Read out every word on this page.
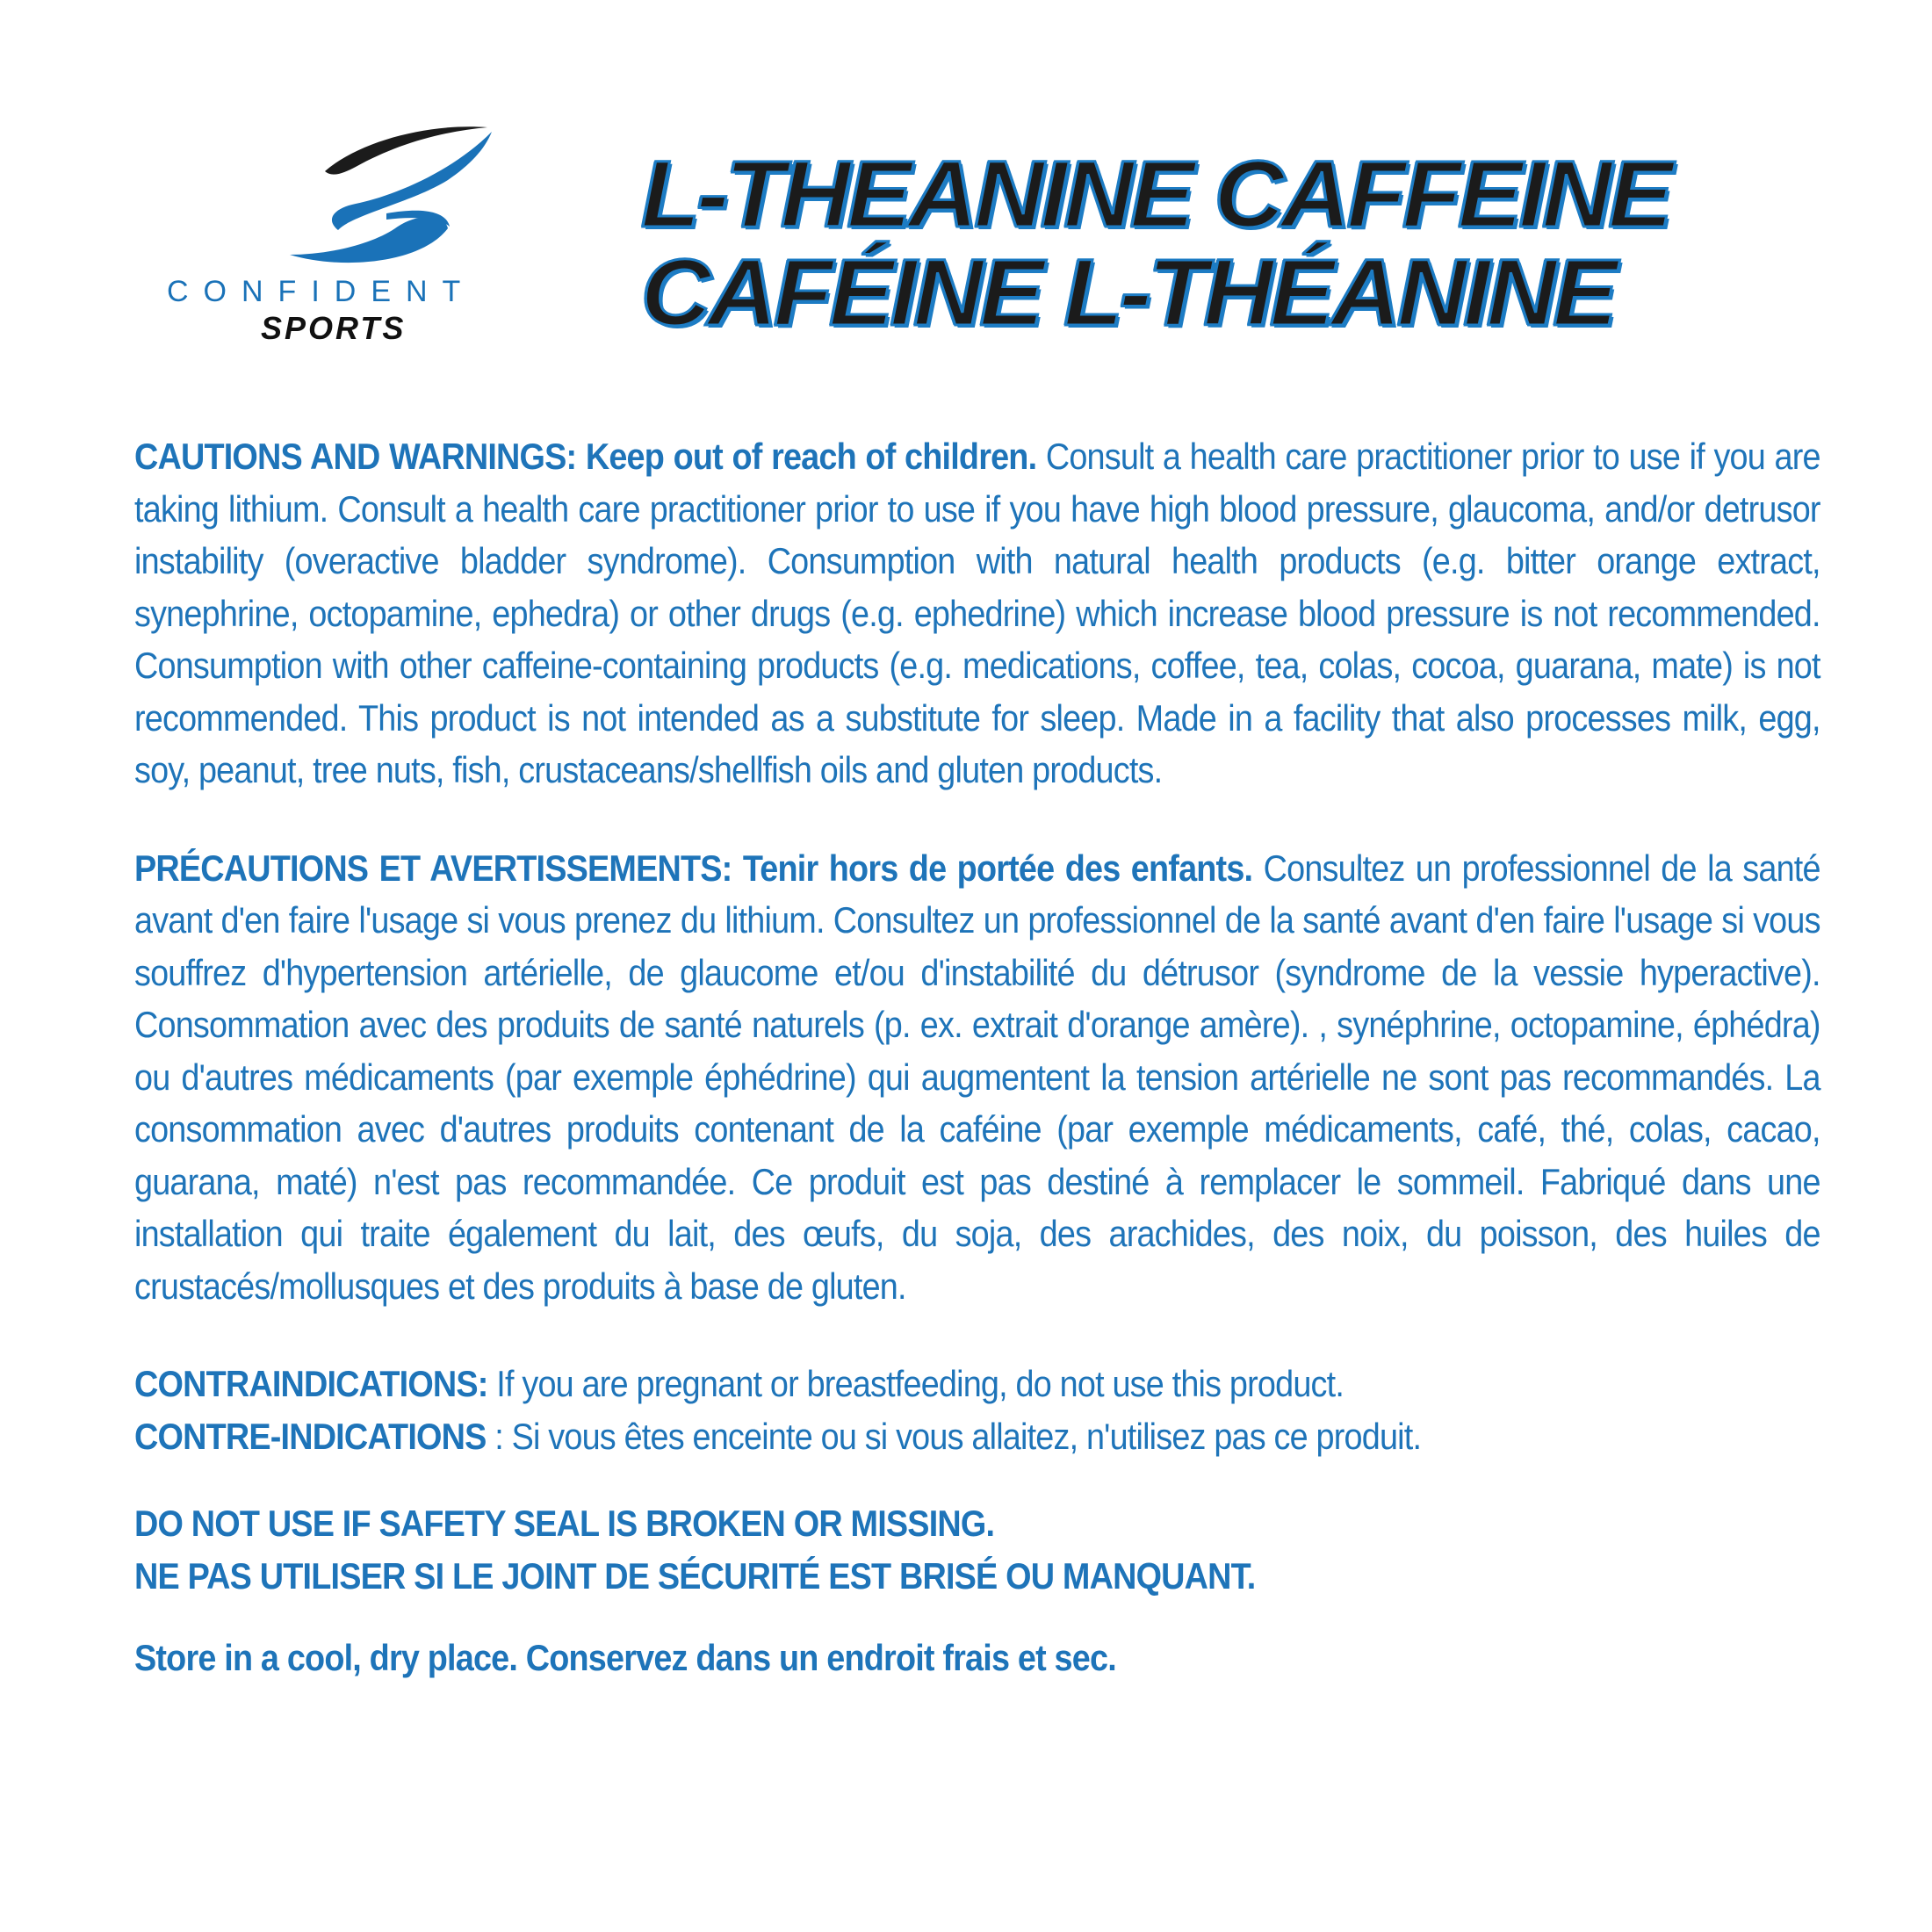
CONFIDENT
SPORTS
L-THEANINE CAFFEINE
CAFÉINE L-THÉANINE

CAUTIONS AND WARNINGS: Keep out of reach of children. Consult a health care practitioner prior to use if you are taking lithium. Consult a health care practitioner prior to use if you have high blood pressure, glaucoma, and/or detrusor instability (overactive bladder syndrome). Consumption with natural health products (e.g. bitter orange extract, synephrine, octopamine, ephedra) or other drugs (e.g. ephedrine) which increase blood pressure is not recommended. Consumption with other caffeine-containing products (e.g. medications, coffee, tea, colas, cocoa, guarana, mate) is not recommended. This product is not intended as a substitute for sleep. Made in a facility that also processes milk, egg, soy, peanut, tree nuts, fish, crustaceans/shellfish oils and gluten products.

PRÉCAUTIONS ET AVERTISSEMENTS: Tenir hors de portée des enfants. Consultez un professionnel de la santé avant d'en faire l'usage si vous prenez du lithium. Consultez un professionnel de la santé avant d'en faire l'usage si vous souffrez d'hypertension artérielle, de glaucome et/ou d'instabilité du détrusor (syndrome de la vessie hyperactive). Consommation avec des produits de santé naturels (p. ex. extrait d'orange amère). , synéphrine, octopamine, éphédra) ou d'autres médicaments (par exemple éphédrine) qui augmentent la tension artérielle ne sont pas recommandés. La consommation avec d'autres produits contenant de la caféine (par exemple médicaments, café, thé, colas, cacao, guarana, maté) n'est pas recommandée. Ce produit est pas destiné à remplacer le sommeil. Fabriqué dans une installation qui traite également du lait, des œufs, du soja, des arachides, des noix, du poisson, des huiles de crustacés/mollusques et des produits à base de gluten.

CONTRAINDICATIONS: If you are pregnant or breastfeeding, do not use this product.
CONTRE-INDICATIONS : Si vous êtes enceinte ou si vous allaitez, n'utilisez pas ce produit.
DO NOT USE IF SAFETY SEAL IS BROKEN OR MISSING.
NE PAS UTILISER SI LE JOINT DE SÉCURITÉ EST BRISÉ OU MANQUANT.
Store in a cool, dry place. Conservez dans un endroit frais et sec.
